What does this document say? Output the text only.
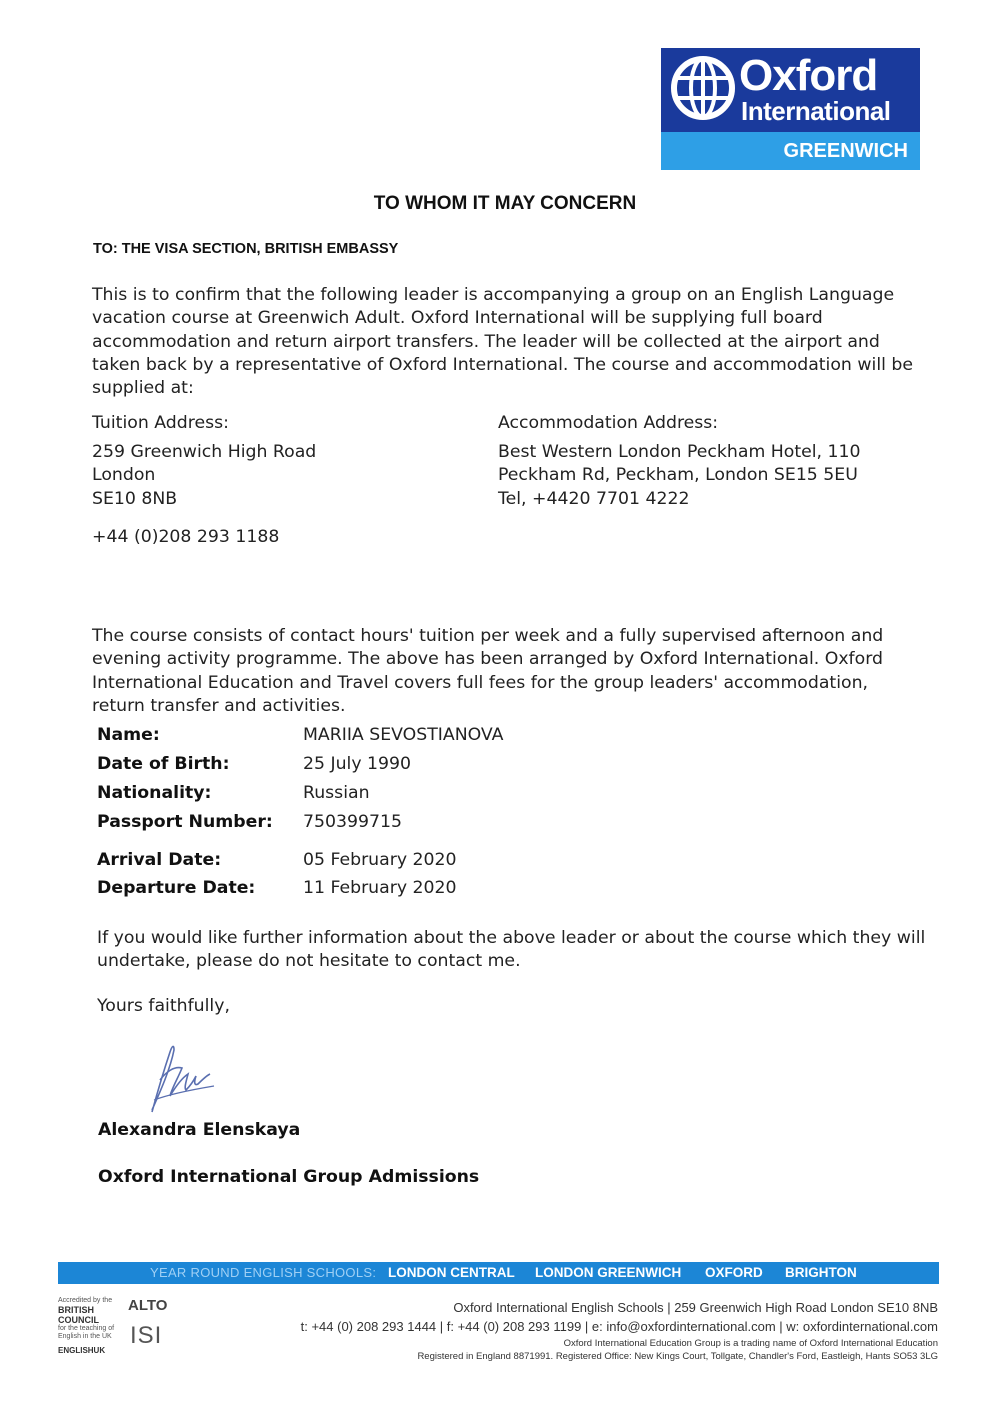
Oxford
International
GREENWICH
TO WHOM IT MAY CONCERN
TO: THE VISA SECTION, BRITISH EMBASSY
This is to confirm that the following leader is accompanying a group on an English Language vacation course at Greenwich Adult. Oxford International will be supplying full board accommodation and return airport transfers. The leader will be collected at the airport and taken back by a representative of Oxford International. The course and accommodation will be supplied at:
Tuition Address:
259 Greenwich High Road
London
SE10 8NB
+44 (0)208 293 1188
Accommodation Address:
Best Western London Peckham Hotel, 110
Peckham Rd, Peckham, London SE15 5EU
Tel, +4420 7701 4222
The course consists of contact hours' tuition per week and a fully supervised afternoon and evening activity programme. The above has been arranged by Oxford International. Oxford International Education and Travel covers full fees for the group leaders' accommodation, return transfer and activities.
Name:	MARIIA SEVOSTIANOVA
Date of Birth:	25 July 1990
Nationality:	Russian
Passport Number:	750399715
Arrival Date:	05 February 2020
Departure Date:	11 February 2020
If you would like further information about the above leader or about the course which they will undertake, please do not hesitate to contact me.
Yours faithfully,
Alexandra Elenskaya
Oxford International Group Admissions
YEAR ROUND ENGLISH SCHOOLS: LONDON CENTRAL LONDON GREENWICH OXFORD BRIGHTON
Accredited by the
BRITISH
COUNCIL
for the teaching of English in the UK
ALTO
ISI
ENGLISHUK
Oxford International English Schools | 259 Greenwich High Road London SE10 8NB
t: +44 (0) 208 293 1444 | f: +44 (0) 208 293 1199 | e: info@oxfordinternational.com | w: oxfordinternational.com
Oxford International Education Group is a trading name of Oxford International Education
Registered in England 8871991. Registered Office: New Kings Court, Tollgate, Chandler's Ford, Eastleigh, Hants SO53 3LG
